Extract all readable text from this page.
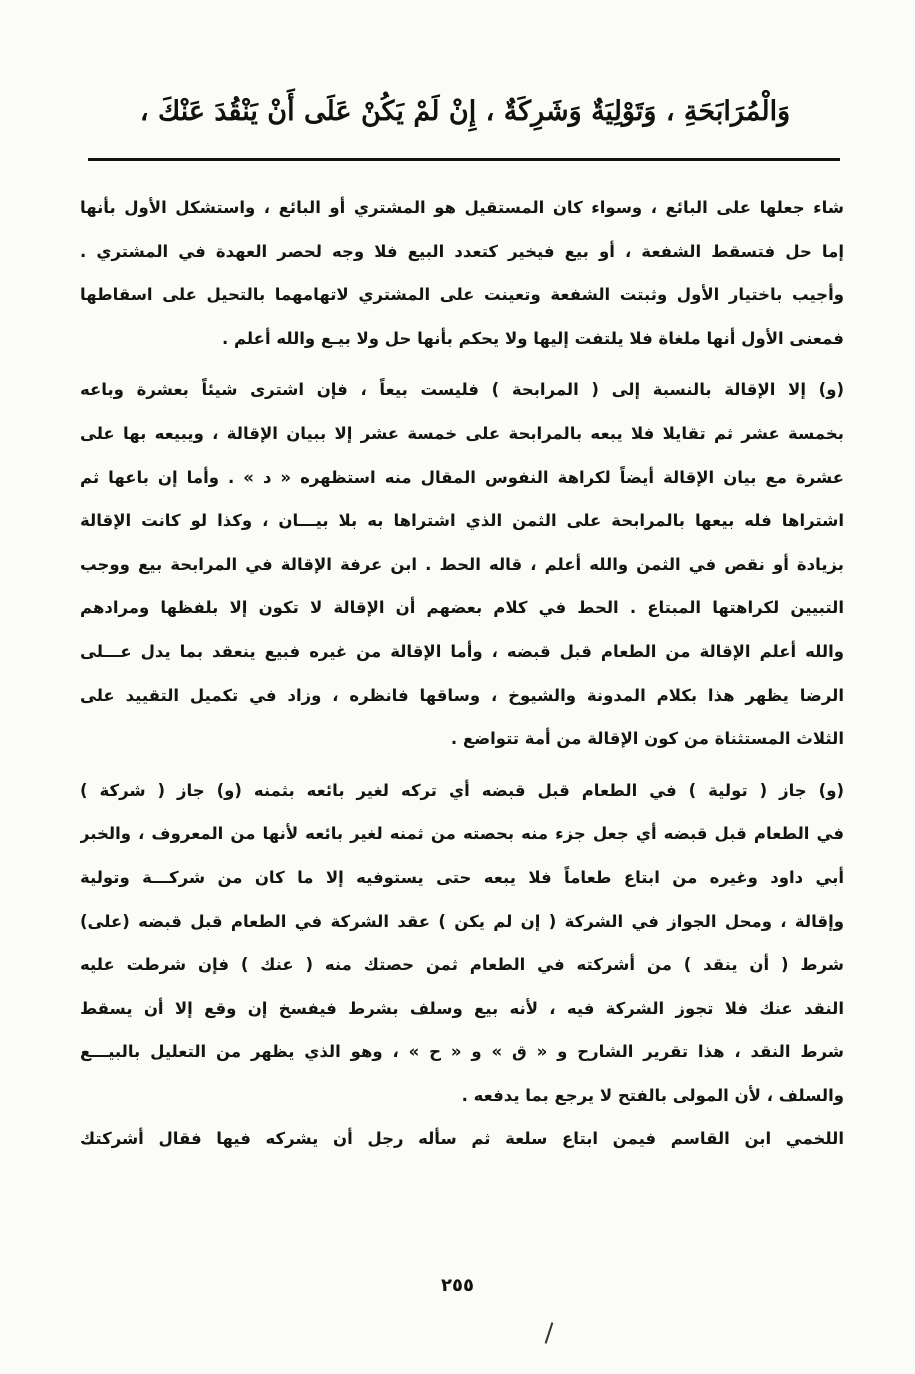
وَالْمُرَابَحَةِ ، وَتَوْلِيَةٌ وَشَرِكَةٌ ، إِنْ لَمْ يَكُنْ عَلَى أَنْ يَنْقُدَ عَنْكَ ،

شاء جعلها على البائع ، وسواء كان المستقيل هو المشتري أو البائع ، واستشكل الأول بأنها
إما حل فتسقط الشفعة ، أو بيع فيخير كتعدد البيع فلا وجه لحصر العهدة في المشتري .
وأجيب باختيار الأول وثبتت الشفعة وتعينت على المشتري لاتهامهما بالتحيل على اسقاطها
فمعنى الأول أنها ملغاة فلا يلتفت إليها ولا يحكم بأنها حل ولا بيـع والله أعلم .

(و) إلا الإقالة بالنسبة إلى ( المرابحة ) فليست بيعاً ، فإن اشترى شيئاً بعشرة وباعه
بخمسة عشر ثم تقايلا فلا يبعه بالمرابحة على خمسة عشر إلا ببيان الإقالة ، ويبيعه بها على
عشرة مع بيان الإقالة أيضاً لكراهة النفوس المقال منه استظهره « د » . وأما إن باعها ثم
اشتراها فله بيعها بالمرابحة على الثمن الذي اشتراها به بلا بيـــان ، وكذا لو كانت الإقالة
بزيادة أو نقص في الثمن والله أعلم ، قاله الحط . ابن عرفة الإقالة في المرابحة بيع ووجب
التبيين لكراهتها المبتاع . الحط في كلام بعضهم أن الإقالة لا تكون إلا بلفظها ومرادهم
والله أعلم الإقالة من الطعام قبل قبضه ، وأما الإقالة من غيره فبيع ينعقد بما يدل عـــلى
الرضا يظهر هذا بكلام المدونة والشيوخ ، وساقها فانظره ، وزاد في تكميل التقييد على
الثلاث المستثناة من كون الإقالة من أمة تتواضع .

(و) جاز ( تولية ) في الطعام قبل قبضه أي تركه لغير بائعه بثمنه (و) جاز ( شركة )
في الطعام قبل قبضه أي جعل جزء منه بحصته من ثمنه لغير بائعه لأنها من المعروف ، والخبر
أبي داود وغيره من ابتاع طعاماً فلا يبعه حتى يستوفيه إلا ما كان من شركـــة وتولية
وإقالة ، ومحل الجواز في الشركة ( إن لم يكن ) عقد الشركة في الطعام قبل قبضه (على)
شرط ( أن ينقد ) من أشركته في الطعام ثمن حصتك منه ( عنك ) فإن شرطت عليه
النقد عنك فلا تجوز الشركة فيه ، لأنه بيع وسلف بشرط فيفسخ إن وقع إلا أن يسقط
شرط النقد ، هذا تقرير الشارح و « ق » و « ح » ، وهو الذي يظهر من التعليل بالبيـــع
والسلف ، لأن المولى بالفتح لا يرجع بما يدفعه .

اللخمي ابن القاسم فيمن ابتاع سلعة ثم سأله رجل أن يشركه فيها فقال أشركتك

٢٥٥
